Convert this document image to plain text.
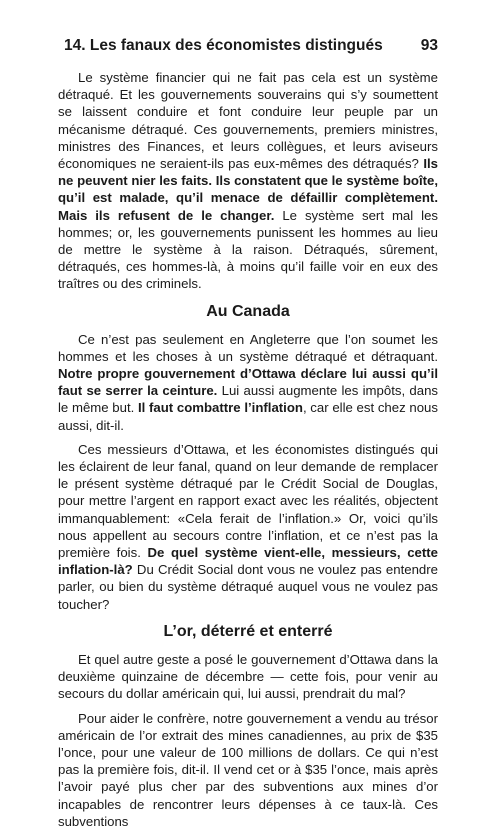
14. Les fanaux des économistes distingués 93

Le système financier qui ne fait pas cela est un système détraqué. Et les gouvernements souverains qui s’y soumettent se laissent conduire et font conduire leur peuple par un mécanisme détraqué. Ces gouvernements, premiers ministres, ministres des Finances, et leurs collègues, et leurs aviseurs économiques ne seraient-ils pas eux-mêmes des détraqués? Ils ne peuvent nier les faits. Ils constatent que le système boîte, qu’il est malade, qu’il menace de défaillir complètement. Mais ils refusent de le changer. Le système sert mal les hommes; or, les gouvernements punissent les hommes au lieu de mettre le système à la raison. Détraqués, sûrement, détraqués, ces hommes-là, à moins qu’il faille voir en eux des traîtres ou des criminels.

Au Canada

Ce n’est pas seulement en Angleterre que l’on soumet les hommes et les choses à un système détraqué et détraquant. Notre propre gouvernement d’Ottawa déclare lui aussi qu’il faut se serrer la ceinture. Lui aussi augmente les impôts, dans le même but. Il faut combattre l’inflation, car elle est chez nous aussi, dit-il.

Ces messieurs d’Ottawa, et les économistes distingués qui les éclairent de leur fanal, quand on leur demande de remplacer le présent système détraqué par le Crédit Social de Douglas, pour mettre l’argent en rapport exact avec les réalités, objectent immanquablement: «Cela ferait de l’inflation.» Or, voici qu’ils nous appellent au secours contre l’inflation, et ce n’est pas la première fois. De quel système vient-elle, messieurs, cette inflation-là? Du Crédit Social dont vous ne voulez pas entendre parler, ou bien du système détraqué auquel vous ne voulez pas toucher?

L’or, déterré et enterré

Et quel autre geste a posé le gouvernement d’Ottawa dans la deuxième quinzaine de décembre — cette fois, pour venir au secours du dollar américain qui, lui aussi, prendrait du mal?

Pour aider le confrère, notre gouvernement a vendu au trésor américain de l’or extrait des mines canadiennes, au prix de $35 l’once, pour une valeur de 100 millions de dollars. Ce qui n’est pas la première fois, dit-il. Il vend cet or à $35 l’once, mais après l’avoir payé plus cher par des subventions aux mines d’or incapables de rencontrer leurs dépenses à ce taux-là. Ces subventions
